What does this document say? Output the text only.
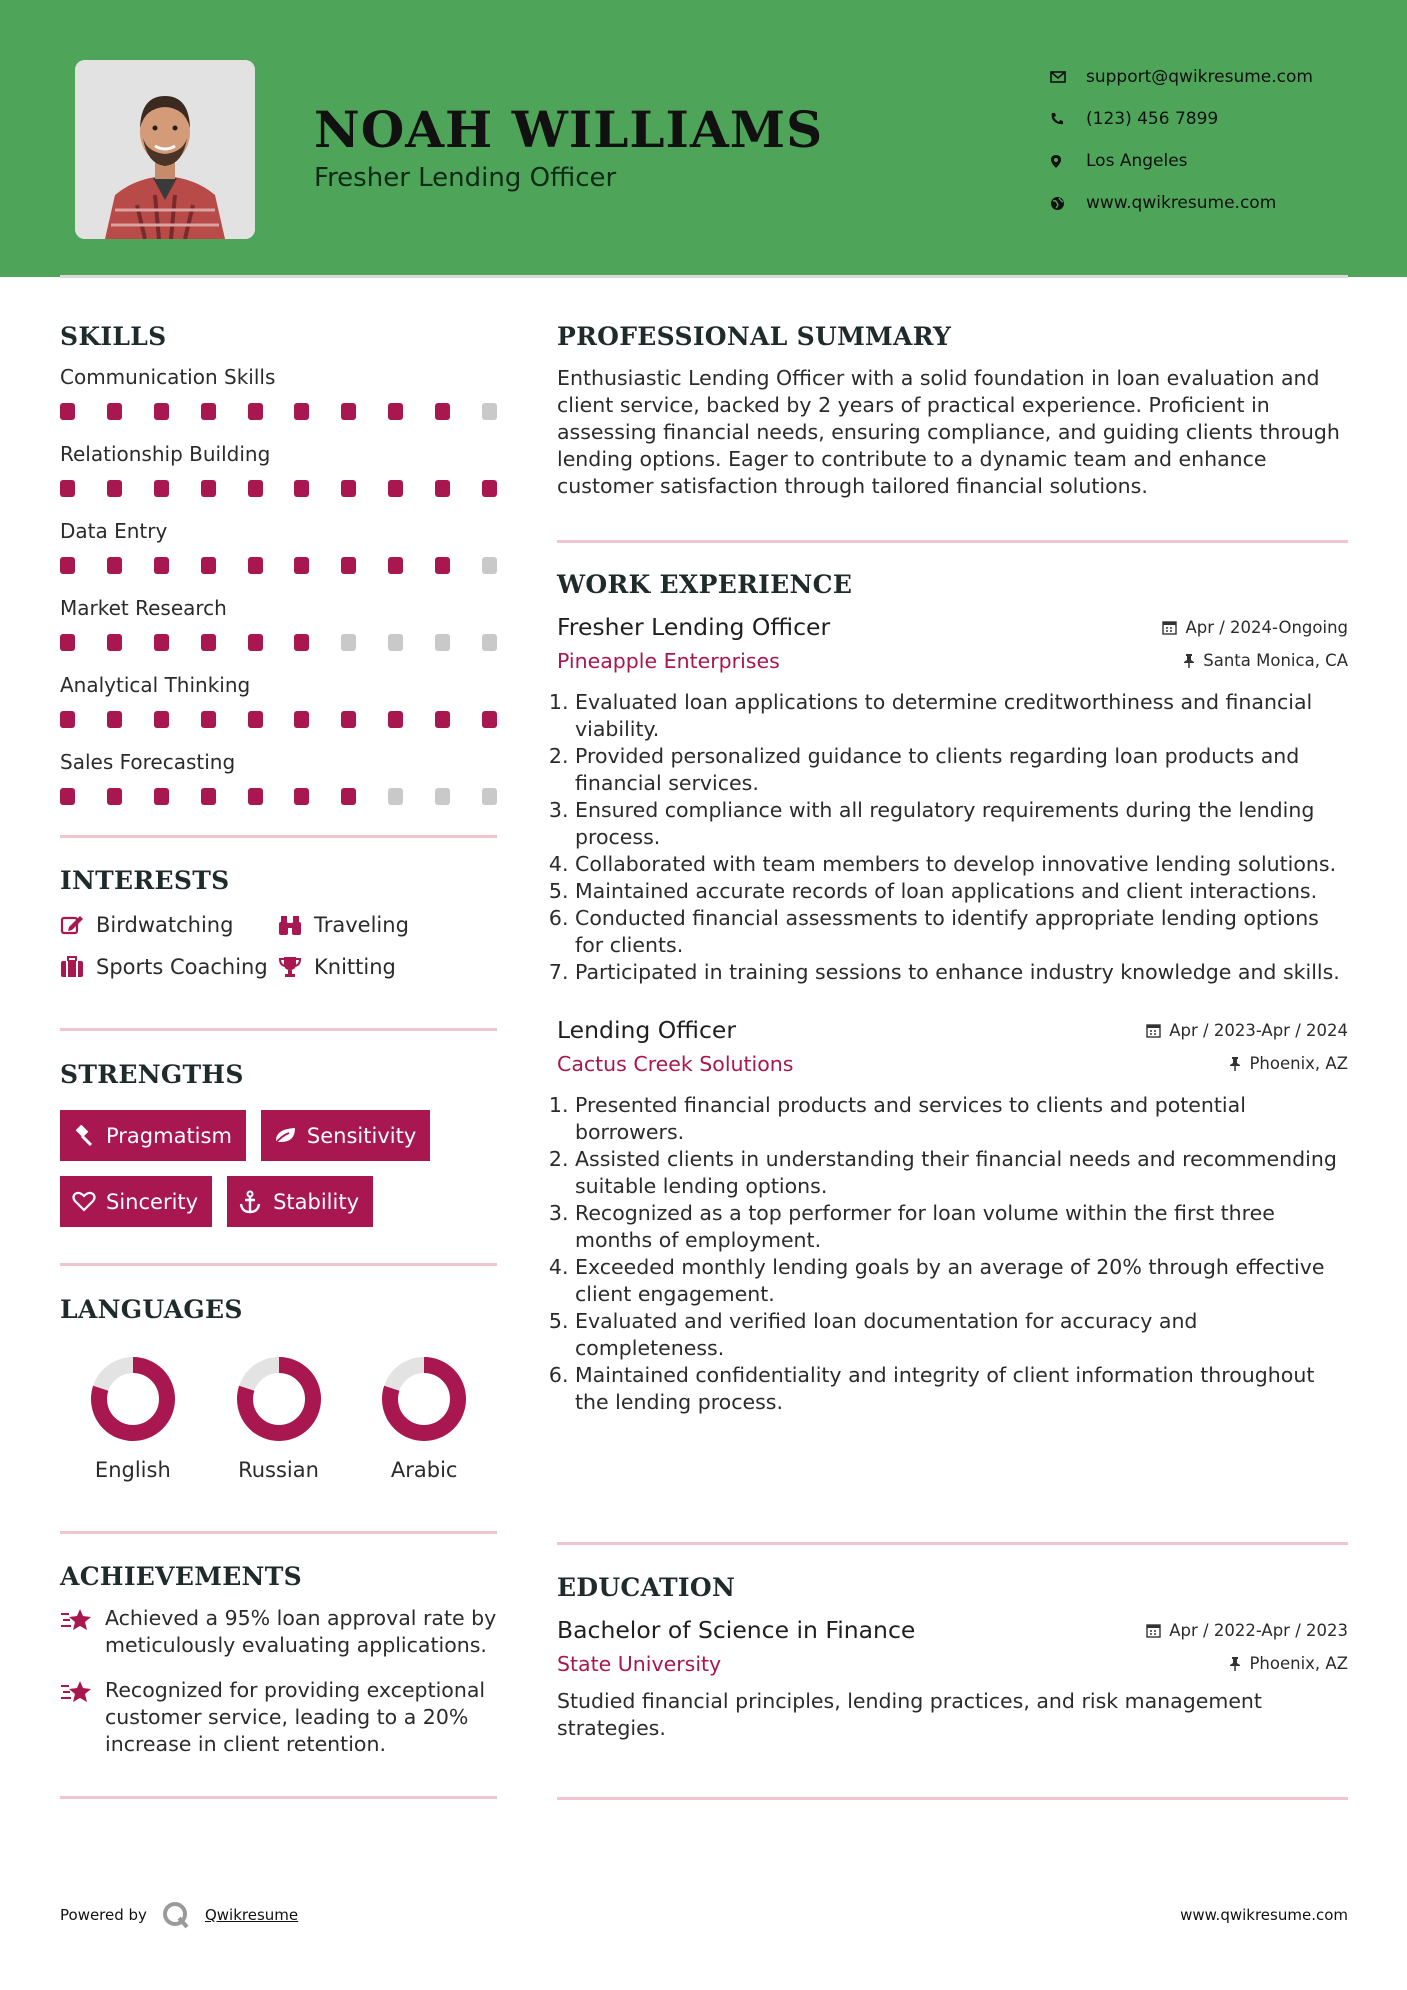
NOAH WILLIAMS
Fresher Lending Officer
support@qwikresume.com
(123) 456 7899
Los Angeles
www.qwikresume.com
SKILLS
Communication Skills
Relationship Building
Data Entry
Market Research
Analytical Thinking
Sales Forecasting
INTERESTS
Birdwatching	Traveling
Sports Coaching Knitting
STRENGTHS
Pragmatism	Sensitivity
Sincerity	Stability
LANGUAGES
English	Russian	Arabic
ACHIEVEMENTS
Achieved a 95% loan approval rate by meticulously evaluating applications.
Recognized for providing exceptional customer service, leading to a 20% increase in client retention.
PROFESSIONAL SUMMARY
Enthusiastic Lending Officer with a solid foundation in loan evaluation and client service, backed by 2 years of practical experience. Proficient in assessing financial needs, ensuring compliance, and guiding clients through lending options. Eager to contribute to a dynamic team and enhance customer satisfaction through tailored financial solutions.
WORK EXPERIENCE
Fresher Lending Officer	Apr / 2024-Ongoing
Pineapple Enterprises	Santa Monica, CA
1. Evaluated loan applications to determine creditworthiness and financial viability.
2. Provided personalized guidance to clients regarding loan products and financial services.
3. Ensured compliance with all regulatory requirements during the lending process.
4. Collaborated with team members to develop innovative lending solutions.
5. Maintained accurate records of loan applications and client interactions.
6. Conducted financial assessments to identify appropriate lending options for clients.
7. Participated in training sessions to enhance industry knowledge and skills.
Lending Officer	Apr / 2023-Apr / 2024
Cactus Creek Solutions	Phoenix, AZ
1. Presented financial products and services to clients and potential borrowers.
2. Assisted clients in understanding their financial needs and recommending suitable lending options.
3. Recognized as a top performer for loan volume within the first three months of employment.
4. Exceeded monthly lending goals by an average of 20% through effective client engagement.
5. Evaluated and verified loan documentation for accuracy and completeness.
6. Maintained confidentiality and integrity of client information throughout the lending process.
EDUCATION
Bachelor of Science in Finance	Apr / 2022-Apr / 2023
State University	Phoenix, AZ
Studied financial principles, lending practices, and risk management strategies.
Powered by	Qwikresume	www.qwikresume.com
